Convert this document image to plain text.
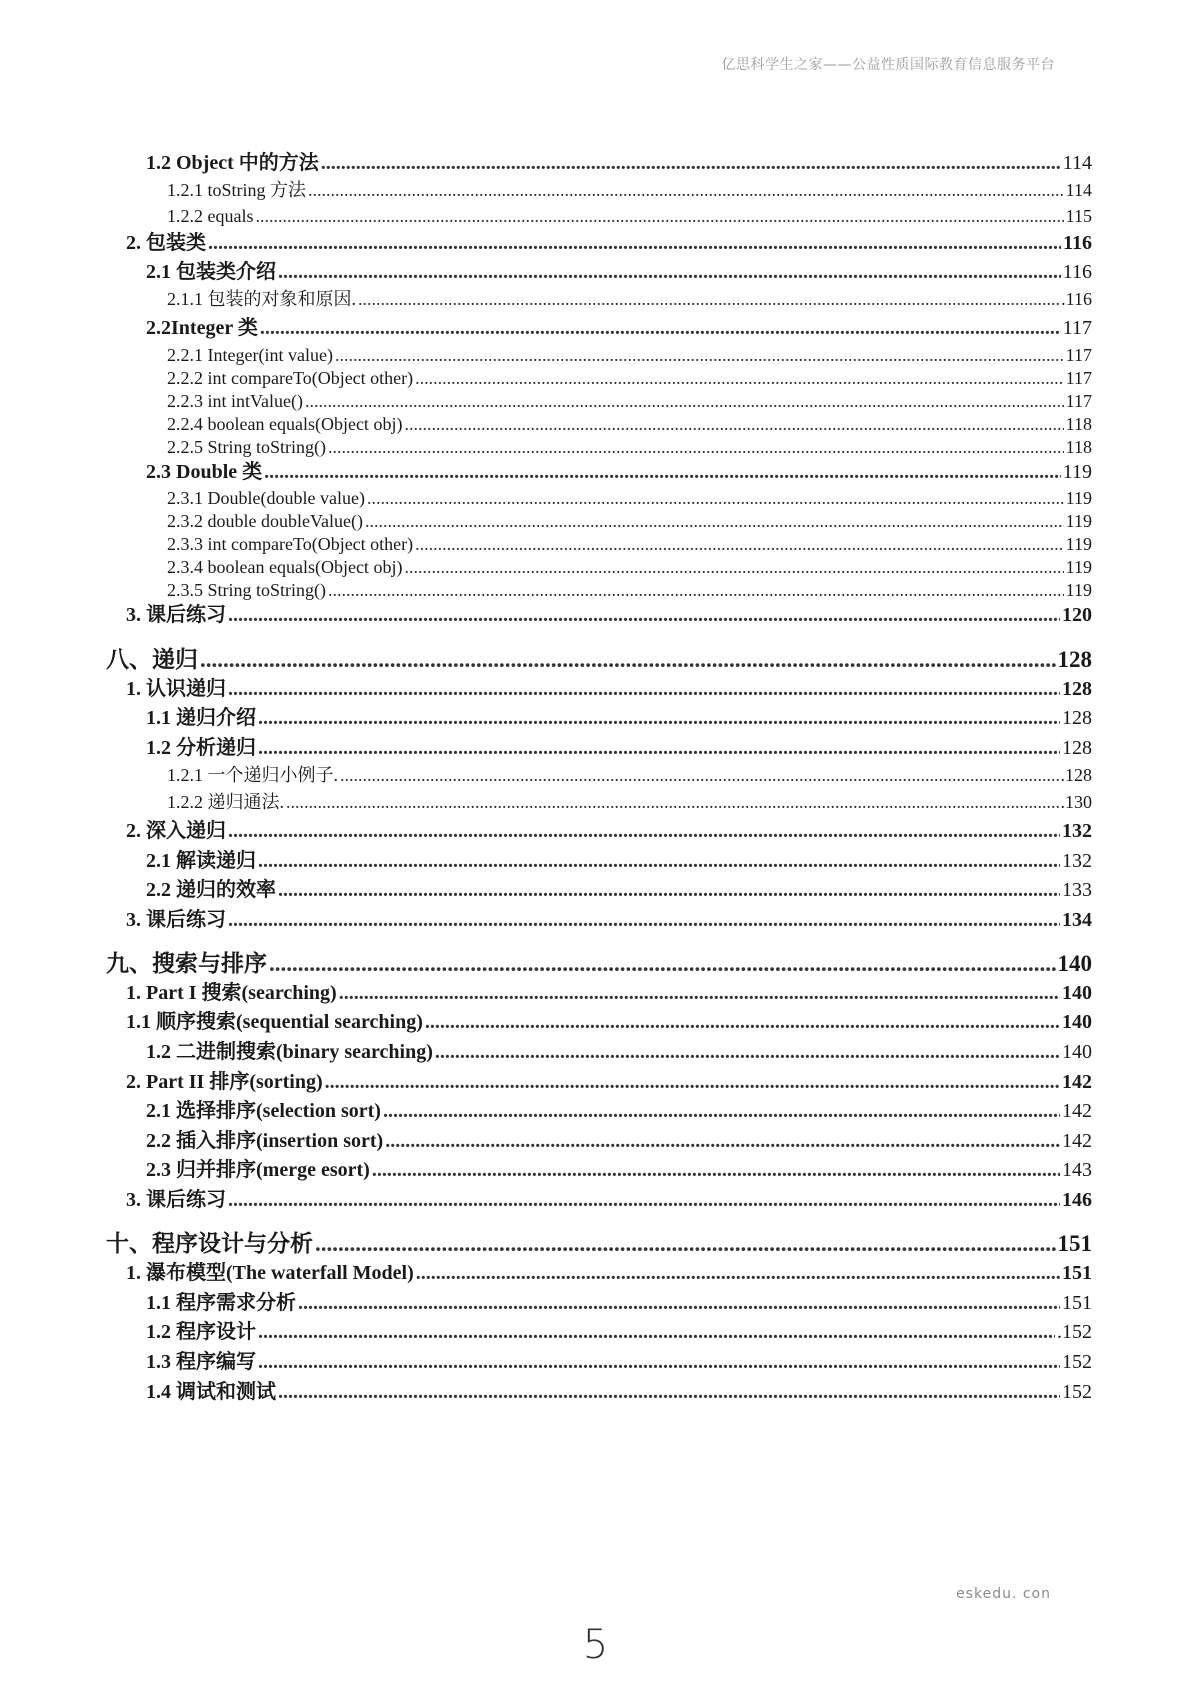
亿思科学生之家——公益性质国际教育信息服务平台
1.2 Object 中的方法 .....	114
1.2.1 toString 方法 .....	114
1.2.2 equals .....	115
2. 包装类 .....	116
2.1 包装类介绍 .....	116
2.1.1 包装的对象和原因. .....	.116
2.2Integer 类 .....	117
2.2.1 Integer(int value) .....	117
2.2.2 int compareTo(Object other) .....	117
2.2.3 int intValue() .....	117
2.2.4 boolean equals(Object obj) .....	118
2.2.5 String toString() .....	118
2.3 Double 类 .....	119
2.3.1 Double(double value) .....	119
2.3.2 double doubleValue() .....	119
2.3.3 int compareTo(Object other) .....	119
2.3.4 boolean equals(Object obj) .....	119
2.3.5 String toString() .....	119
3. 课后练习 .....	120
八、递归 .....	128
1. 认识递归 .....	128
1.1 递归介绍 .....	128
1.2 分析递归 .....	128
1.2.1 一个递归小例子. .....	.128
1.2.2 递归通法. .....	.130
2. 深入递归 .....	132
2.1 解读递归 .....	132
2.2 递归的效率 .....	133
3. 课后练习 .....	134
九、搜索与排序 .....	140
1. Part I 搜索(searching) .....	140
1.1 顺序搜索(sequential searching) .....	140
1.2 二进制搜索(binary searching) .....	140
2. Part II 排序(sorting) .....	142
2.1 选择排序(selection sort) .....	142
2.2 插入排序(insertion sort) .....	142
2.3 归并排序(merge esort) .....	143
3. 课后练习 .....	146
十、程序设计与分析 .....	151
1. 瀑布模型(The waterfall Model) .....	151
1.1 程序需求分析 .....	151
1.2 程序设计 .....	.152
1.3 程序编写 .....	152
1.4 调试和测试 .....	152
eskedu. con
5
